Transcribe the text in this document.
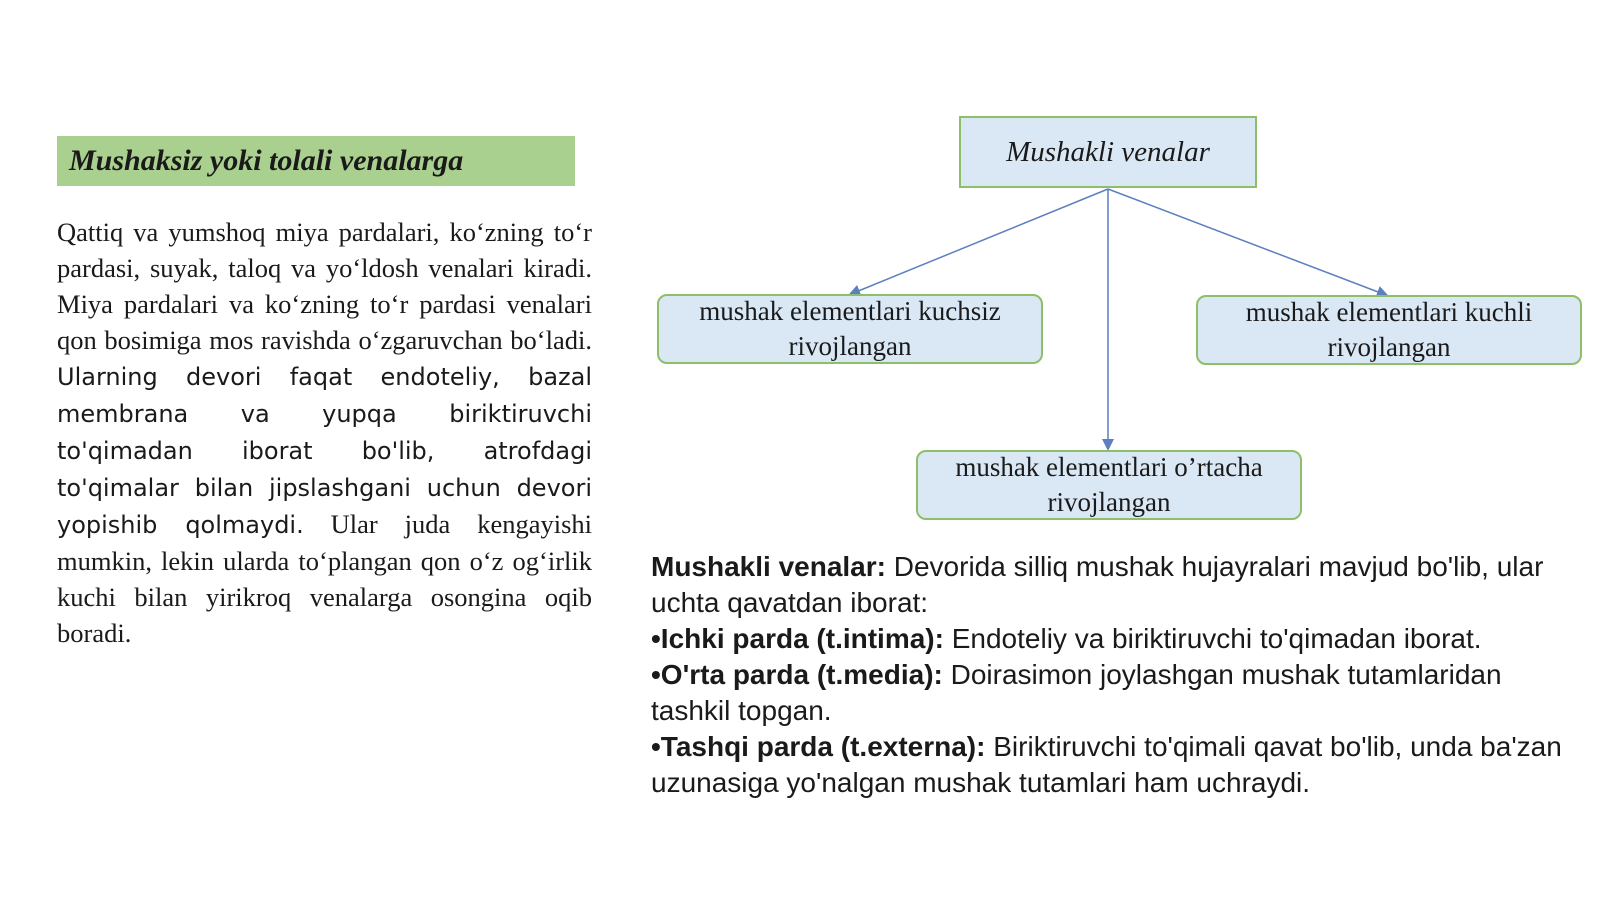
Mushaksiz yoki tolali venalarga
Qattiq va yumshoq miya pardalari, ko‘zning to‘r pardasi, suyak, taloq va yo‘ldosh venalari kiradi. Miya pardalari va ko‘zning to‘r pardasi venalari qon bosimiga mos ravishda o‘zgaruvchan bo‘ladi. Ularning devori faqat endoteliy, bazal membrana va yupqa biriktiruvchi to'qimadan iborat bo'lib, atrofdagi to'qimalar bilan jipslashgani uchun devori yopishib qolmaydi. Ular juda kengayishi mumkin, lekin ularda to‘plangan qon o‘z og‘irlik kuchi bilan yirikroq venalarga osongina oqib boradi.
Mushakli venalar
mushak elementlari kuchsiz rivojlangan
mushak elementlari kuchli rivojlangan
mushak elementlari o’rtacha rivojlangan

Mushakli venalar: Devorida silliq mushak hujayralari mavjud bo'lib, ular uchta qavatdan iborat:

•Ichki parda (t.intima): Endoteliy va biriktiruvchi to'qimadan iborat.

•O'rta parda (t.media): Doirasimon joylashgan mushak tutamlaridan tashkil topgan.

•Tashqi parda (t.externa): Biriktiruvchi to'qimali qavat bo'lib, unda ba'zan uzunasiga yo'nalgan mushak tutamlari ham uchraydi.
